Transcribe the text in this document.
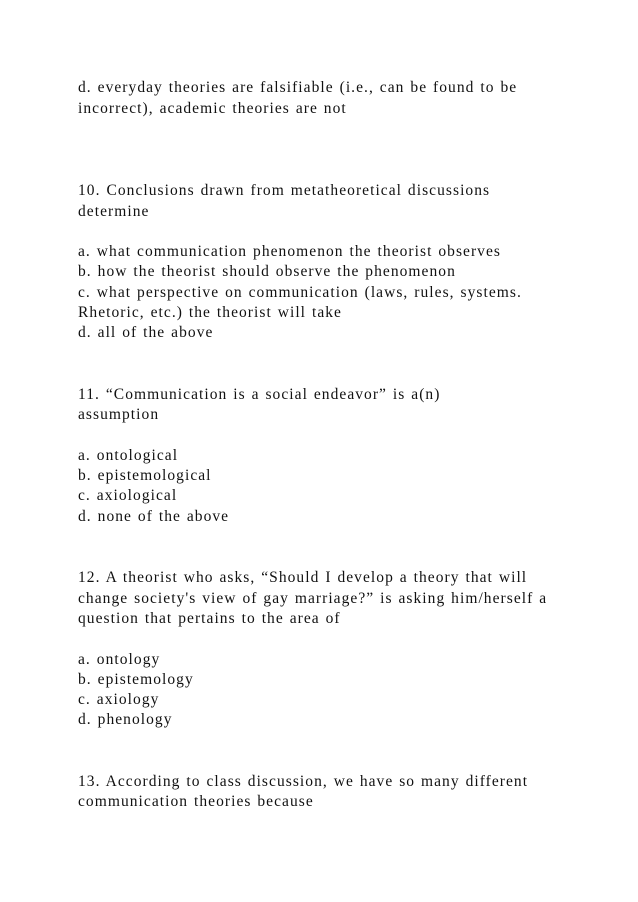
d. everyday theories are falsifiable (i.e., can be found to be
incorrect), academic theories are not
10. Conclusions drawn from metatheoretical discussions
determine
a. what communication phenomenon the theorist observes
b. how the theorist should observe the phenomenon
c. what perspective on communication (laws, rules, systems.
Rhetoric, etc.) the theorist will take
d. all of the above
11. “Communication is a social endeavor” is a(n)
assumption
a. ontological
b. epistemological
c. axiological
d. none of the above
12. A theorist who asks, “Should I develop a theory that will
change society's view of gay marriage?” is asking him/herself a
question that pertains to the area of
a. ontology
b. epistemology
c. axiology
d. phenology
13. According to class discussion, we have so many different
communication theories because
